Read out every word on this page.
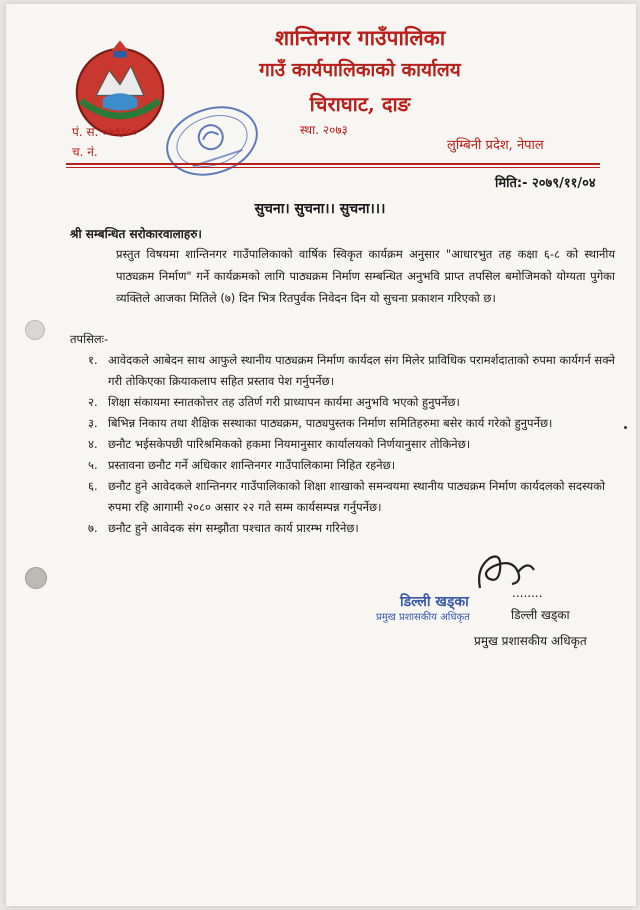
शान्तिनगर गाउँपालिका
गाउँ कार्यपालिकाको कार्यालय
चिराघाट, दाङ
पं. स. ०७९/८०
च. नं.
स्था. २०७३
लुम्बिनी प्रदेश, नेपाल
मिति:- २०७९/११/०४
सुचना। सुचना।। सुचना।।।
श्री सम्बन्धित सरोकारवालाहरु।
प्रस्तुत विषयमा शान्तिनगर गाउँपालिकाको वार्षिक स्विकृत कार्यक्रम अनुसार "आधारभुत तह कक्षा ६-८ को स्थानीय पाठ्यक्रम निर्माण" गर्ने कार्यक्रमको लागि पाठ्यक्रम निर्माण सम्बन्धित अनुभवि प्राप्त तपसिल बमोजिमको योग्यता पुगेका व्यक्तिले आजका मितिले (७) दिन भित्र रितपुर्वक निवेदन दिन यो सुचना प्रकाशन गरिएको छ।
तपसिलः-
१. आवेदकले आबेदन साथ आफुले स्थानीय पाठ्यक्रम निर्माण कार्यदल संग मिलेर प्राविधिक परामर्शदाताको रुपमा कार्यगर्न सक्ने गरी तोकिएका क्रियाकलाप सहित प्रस्ताव पेश गर्नुपर्नेछ।
२. शिक्षा संकायमा स्नातकोत्तर तह उतिर्ण गरी प्राध्यापन कार्यमा अनुभवि भएको हुनुपर्नेछ।
३. बिभिन्न निकाय तथा शैक्षिक सस्थाका पाठ्यक्रम, पाठ्यपुस्तक निर्माण समितिहरुमा बसेर कार्य गरेको हुनुपर्नेछ।
४. छनौट भईसकेपछी पारिश्रमिकको हकमा नियमानुसार कार्यालयको निर्णयानुसार तोकिनेछ।
५. प्रस्तावना छनौट गर्ने अधिकार शान्तिनगर गाउँपालिकामा निहित रहनेछ।
६. छनौट हुने आवेदकले शान्तिनगर गाउँपालिकाको शिक्षा शाखाको समन्वयमा स्थानीय पाठ्यक्रम निर्माण कार्यदलको सदस्यको रुपमा रहि आगामी २०८० असार २२ गते सम्म कार्यसम्पन्न गर्नुपर्नेछ।
७. छनौट हुने आवेदक संग सम्झौता पश्चात कार्य प्रारम्भ गरिनेछ।
........
डिल्ली खड्का
प्रमुख प्रशासकीय अधिकृत	डिल्ली खड्का
प्रमुख प्रशासकीय अधिकृत
